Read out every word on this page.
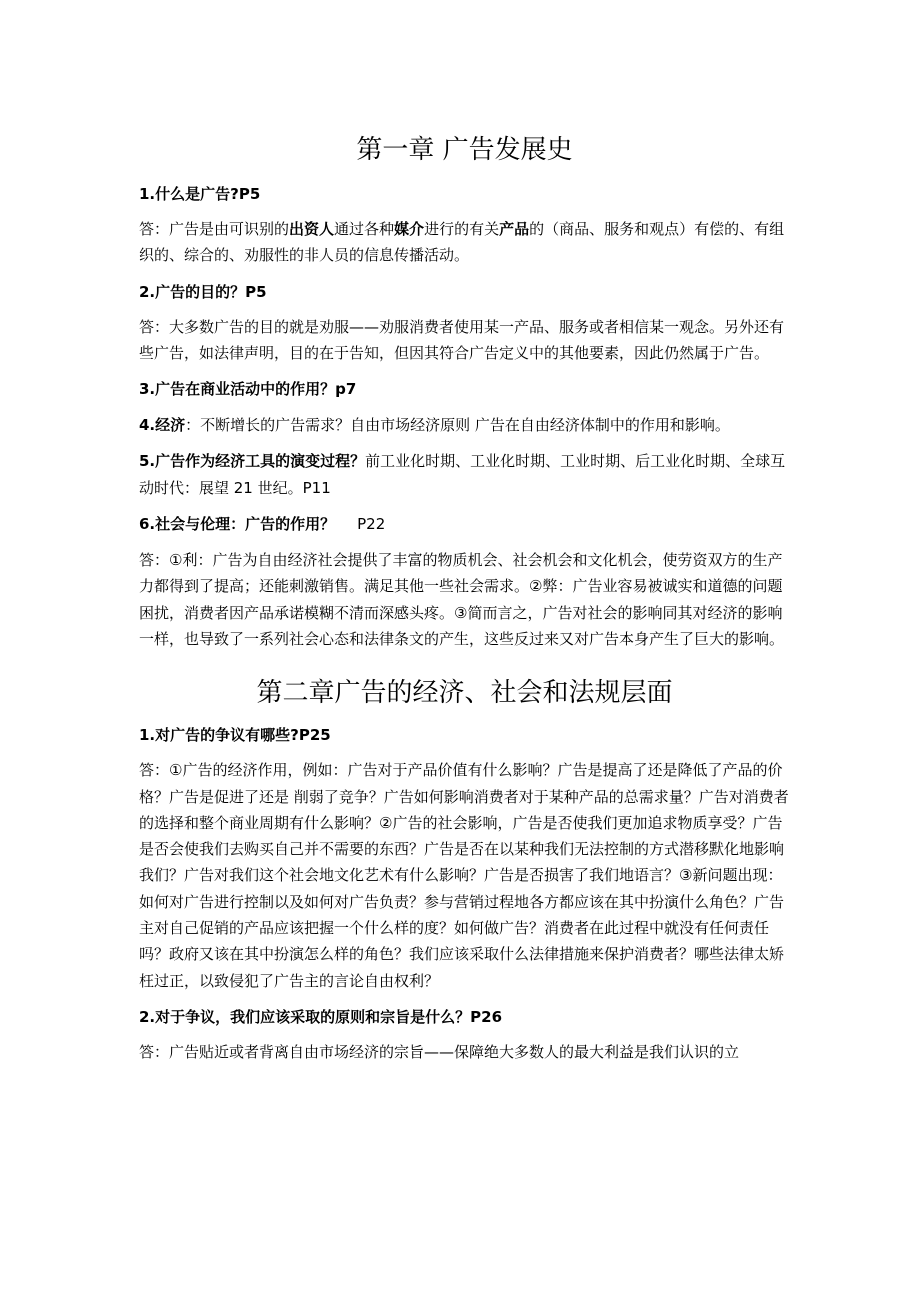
第一章 广告发展史

1.什么是广告?P5

答：广告是由可识别的出资人通过各种媒介进行的有关产品的（商品、服务和观点）有偿的、有组织的、综合的、劝服性的非人员的信息传播活动。

2.广告的目的？P5

答：大多数广告的目的就是劝服——劝服消费者使用某一产品、服务或者相信某一观念。另外还有些广告，如法律声明，目的在于告知，但因其符合广告定义中的其他要素，因此仍然属于广告。

3.广告在商业活动中的作用？p7

4.经济：不断增长的广告需求？自由市场经济原则 广告在自由经济体制中的作用和影响。

5.广告作为经济工具的演变过程？前工业化时期、工业化时期、工业时期、后工业化时期、全球互动时代：展望 21 世纪。P11

6.社会与伦理：广告的作用？ P22

答：①利：广告为自由经济社会提供了丰富的物质机会、社会机会和文化机会，使劳资双方的生产力都得到了提高；还能刺激销售。满足其他一些社会需求。②弊：广告业容易被诚实和道德的问题困扰，消费者因产品承诺模糊不清而深感头疼。③简而言之，广告对社会的影响同其对经济的影响一样，也导致了一系列社会心态和法律条文的产生，这些反过来又对广告本身产生了巨大的影响。

第二章广告的经济、社会和法规层面

1.对广告的争议有哪些?P25

答：①广告的经济作用，例如：广告对于产品价值有什么影响？广告是提高了还是降低了产品的价格？广告是促进了还是 削弱了竞争？广告如何影响消费者对于某种产品的总需求量？广告对消费者的选择和整个商业周期有什么影响？②广告的社会影响，广告是否使我们更加追求物质享受？广告是否会使我们去购买自己并不需要的东西？广告是否在以某种我们无法控制的方式潜移默化地影响我们？广告对我们这个社会地文化艺术有什么影响？广告是否损害了我们地语言？③新问题出现：如何对广告进行控制以及如何对广告负责？参与营销过程地各方都应该在其中扮演什么角色？广告主对自己促销的产品应该把握一个什么样的度？如何做广告？消费者在此过程中就没有任何责任吗？政府又该在其中扮演怎么样的角色？我们应该采取什么法律措施来保护消费者？哪些法律太矫枉过正，以致侵犯了广告主的言论自由权利？

2.对于争议，我们应该采取的原则和宗旨是什么？P26

答：广告贴近或者背离自由市场经济的宗旨——保障绝大多数人的最大利益是我们认识的立
